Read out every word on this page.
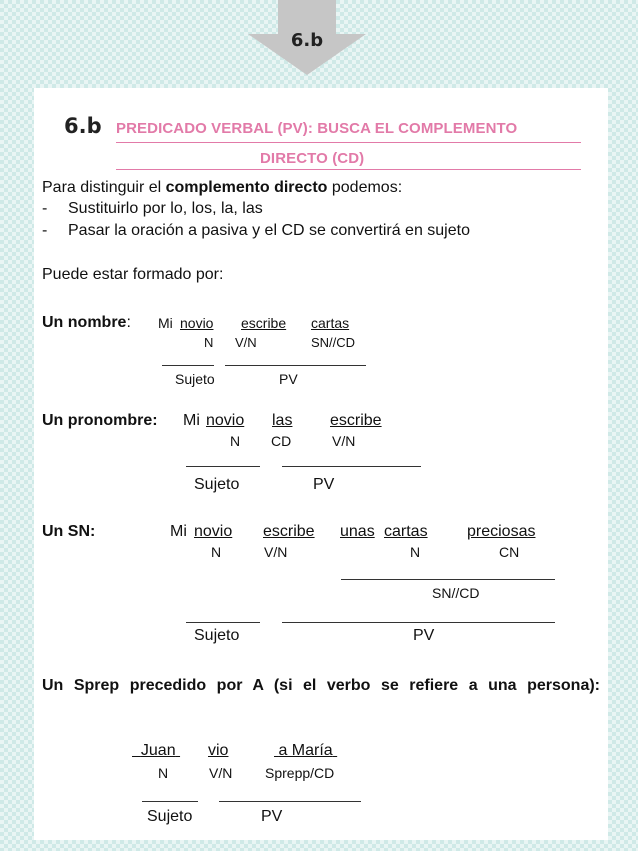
6.b
6.b PREDICADO VERBAL (PV): BUSCA EL COMPLEMENTO
DIRECTO (CD)
Para distinguir el complemento directo podemos:
- Sustituirlo por lo, los, la, las
- Pasar la oración a pasiva y el CD se convertirá en sujeto
Puede estar formado por:
Un nombre: Mi novio escribe cartas
N V/N	SN//CD
Sujeto	PV
Un pronombre: Mi novio las escribe
N CD	V/N
Sujeto	PV
Un SN:	Mi novio escribe unas cartas preciosas
N	V/N	N	CN
SN//CD
Sujeto	PV
Un Sprep precedido por A (si el verbo se refiere a una persona):
Juan vio	a María
N	V/N Sprepp/CD
Sujeto	PV
